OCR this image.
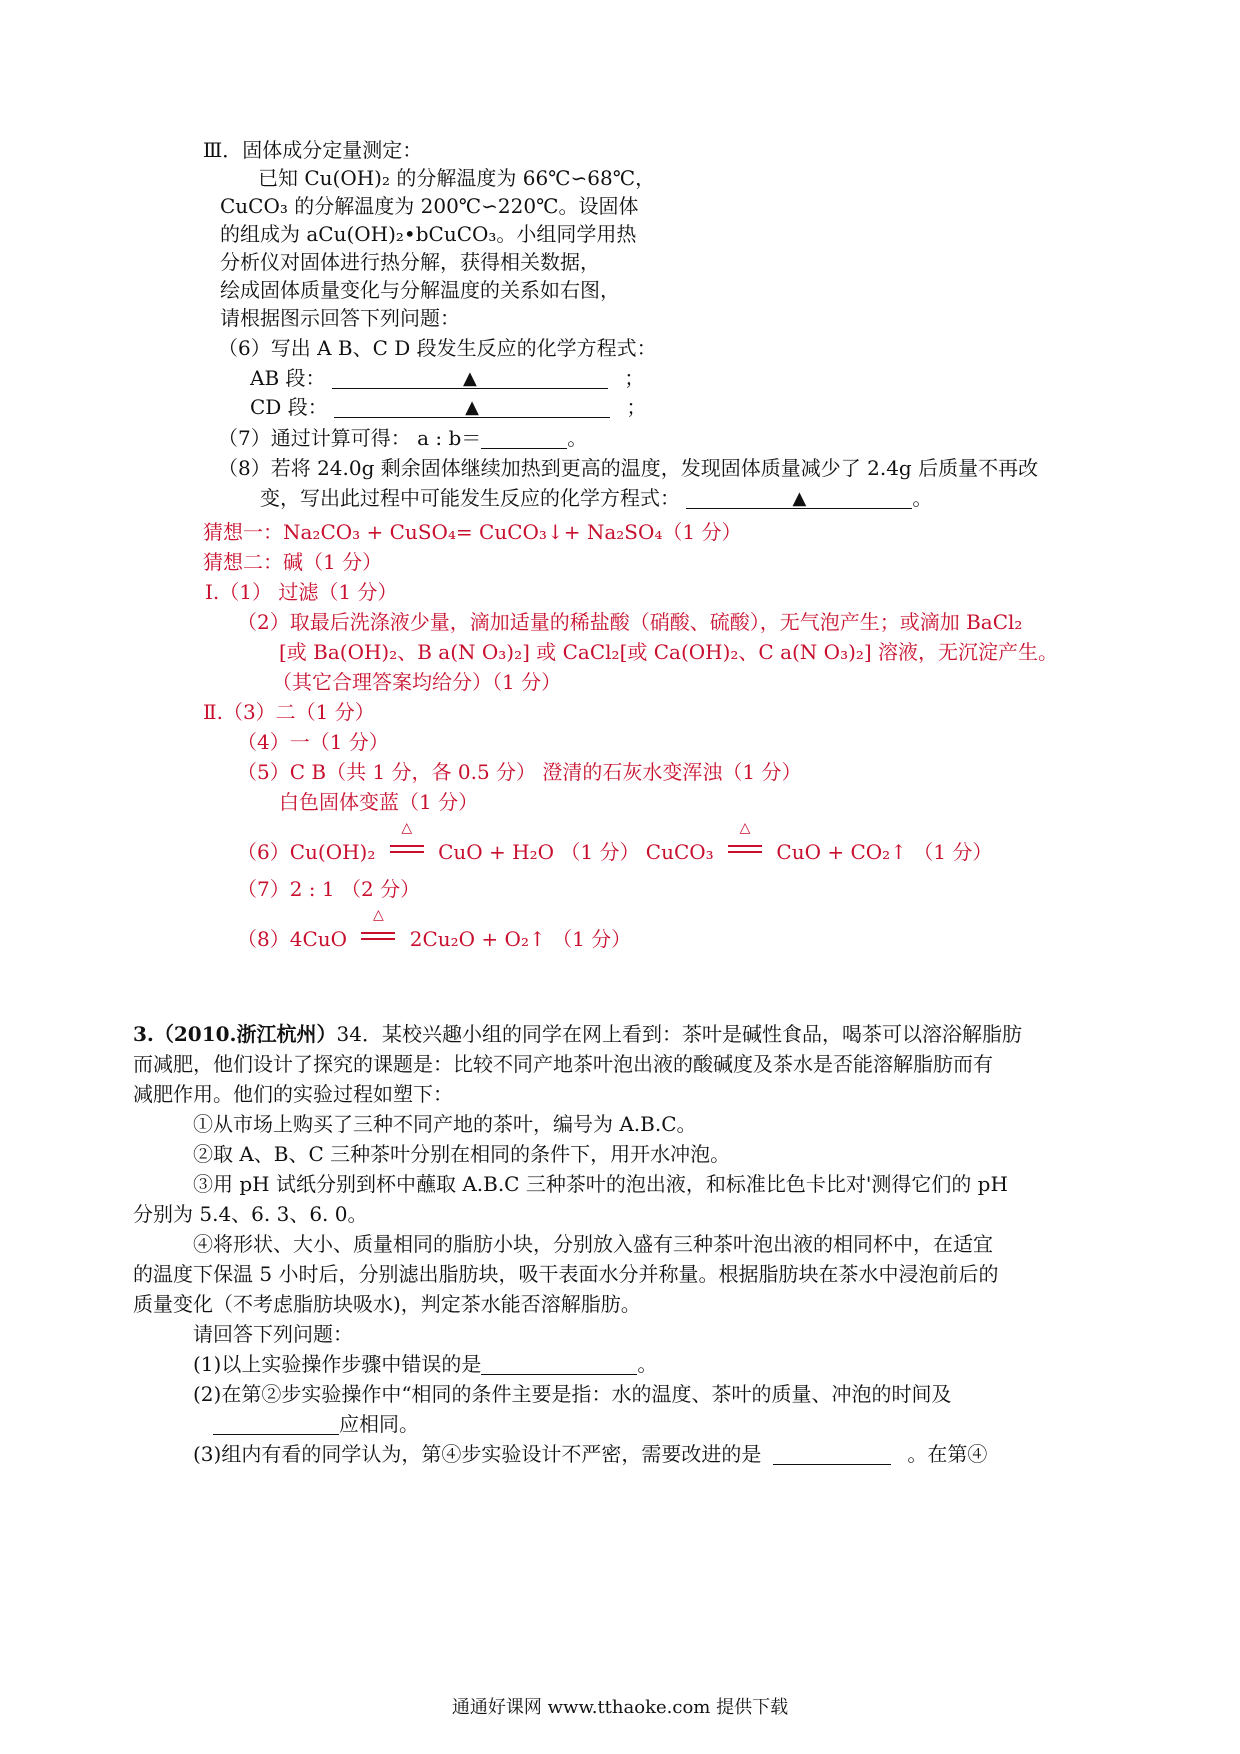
Ⅲ．固体成分定量测定：
已知 Cu(OH)₂ 的分解温度为 66℃∽68℃，
CuCO₃ 的分解温度为 200℃∽220℃。设固体
的组成为 aCu(OH)₂•bCuCO₃。小组同学用热
分析仪对固体进行热分解，获得相关数据，
绘成固体质量变化与分解温度的关系如右图，
请根据图示回答下列问题：
（6）写出 A B、C D 段发生反应的化学方程式：
AB 段：	▲	；
CD 段：	▲	；
（7）通过计算可得： a : b＝	。
（8）若将 24.0g 剩余固体继续加热到更高的温度，发现固体质量减少了 2.4g 后质量不再改
变，写出此过程中可能发生反应的化学方程式：	▲	。
猜想一：Na₂CO₃ + CuSO₄= CuCO₃↓+ Na₂SO₄（1 分）
猜想二：碱（1 分）
Ⅰ.（1） 过滤（1 分）
（2）取最后洗涤液少量，滴加适量的稀盐酸（硝酸、硫酸），无气泡产生；或滴加 BaCl₂
[或 Ba(OH)₂、B a(N O₃)₂] 或 CaCl₂[或 Ca(OH)₂、C a(N O₃)₂] 溶液，无沉淀产生。
（其它合理答案均给分）（1 分）
Ⅱ.（3）二（1 分）
（4）一（1 分）
（5）C B（共 1 分，各 0.5 分） 澄清的石灰水变浑浊（1 分）
白色固体变蓝（1 分）
（6）Cu(OH)₂
△
CuO + H₂O （1 分） CuCO₃
△
CuO + CO₂↑ （1 分）
（7）2 : 1 （2 分）
（8）4CuO
△
2Cu₂O + O₂↑ （1 分）
3.（2010.浙江杭州）34．某校兴趣小组的同学在网上看到：茶叶是碱性食品，喝茶可以溶浴解脂肪
而减肥，他们设计了探究的课题是：比较不同产地茶叶泡出液的酸碱度及茶水是否能溶解脂肪而有
减肥作用。他们的实验过程如塑下：
①从市场上购买了三种不同产地的茶叶，编号为 A.B.C。
②取 A、B、C 三种茶叶分别在相同的条件下，用开水冲泡。
③用 pH 试纸分别到杯中蘸取 A.B.C 三种茶叶的泡出液，和标准比色卡比对'测得它们的 pH
分别为 5.4、6. 3、6. 0。
④将形状、大小、质量相同的脂肪小块，分别放入盛有三种茶叶泡出液的相同杯中，在适宜
的温度下保温 5 小时后，分别滤出脂肪块，吸干表面水分并称量。根据脂肪块在茶水中浸泡前后的
质量变化（不考虑脂肪块吸水)，判定茶水能否溶解脂肪。
请回答下列问题：
(1)以上实验操作步骤中错误的是	。
(2)在第②步实验操作中“相同的条件主要是指：水的温度、茶叶的质量、冲泡的时间及
应相同。
(3)组内有看的同学认为，第④步实验设计不严密，需要改进的是	。在第④
通通好课网 www.tthaoke.com 提供下载
